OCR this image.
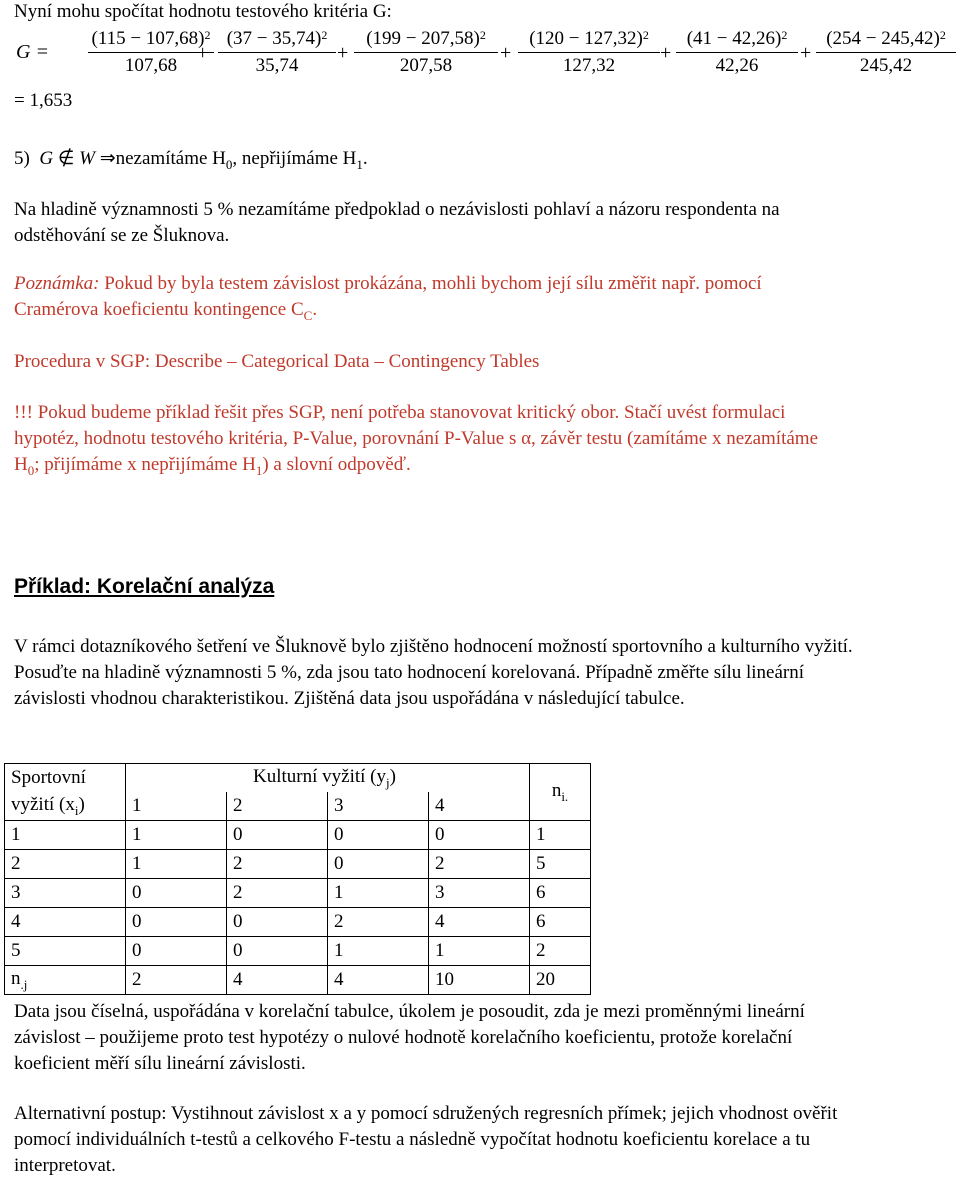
Nyní mohu spočítat hodnotu testového kritéria G:

$G = \frac{(115 - 107,68)^2}{107,68}$
+ $\frac{(37 - 35,74)^2}{35,74} + \frac{(199 - 207,58)^2}{207,58} + \frac{(120 - 127,32)^2}{127,32} + \frac{(41 - 42,26)^2}{42,26} + \frac{(254 - 245,42)^2}{245,42}$
= 1,653

5) G ∉ W ⇒nezamítáme $H_0$, nepřijímáme $H_1$.

Na hladině významnosti 5 % nezamítáme předpoklad o nezávislosti pohlaví a názoru respondenta na odstěhování se ze Šluknova.

Poznámka: Pokud by byla testem závislost prokázána, mohli bychom její sílu změřit např. pomocí Cramérova koeficientu kontingence $C_C$.

Procedura v SGP: Describe – Categorical Data – Contingency Tables

!!! Pokud budeme příklad řešit přes SGP, není potřeba stanovovat kritický obor. Stačí uvést formulaci hypotéz, hodnotu testového kritéria, P-Value, porovnání P-Value s α, závěr testu (zamítáme x nezamítáme $H_0$; přijímáme x nepřijímáme $H_1$) a slovní odpověď.

Příklad: Korelační analýza

V rámci dotazníkového šetření ve Šluknově bylo zjištěno hodnocení možností sportovního a kulturního vyžití. Posuďte na hladině významnosti 5 %, zda jsou tato hodnocení korelovaná. Případně změřte sílu lineární závislosti vhodnou charakteristikou. Zjištěná data jsou uspořádána v následující tabulce.

Sportovní	Kulturní vyžití $(y_j)$				$n_{i.}$
vyžití $(x_i)$	1	2	3	4	
1	1	0	0	0	1
2	1	2	0	2	5
3	0	2	1	3	6
4	0	0	2	4	6
5	0	0	1	1	2
$n_{.j}$	2	4	4	10	20

Data jsou číselná, uspořádána v korelační tabulce, úkolem je posoudit, zda je mezi proměnnými lineární závislost – použijeme proto test hypotézy o nulové hodnotě korelačního koeficientu, protože korelační koeficient měří sílu lineární závislosti.

Alternativní postup: Vystihnout závislost x a y pomocí sdružených regresních přímek; jejich vhodnost ověřit pomocí individuálních t-testů a celkového F-testu a následně vypočítat hodnotu koeficientu korelace a tu interpretovat.
